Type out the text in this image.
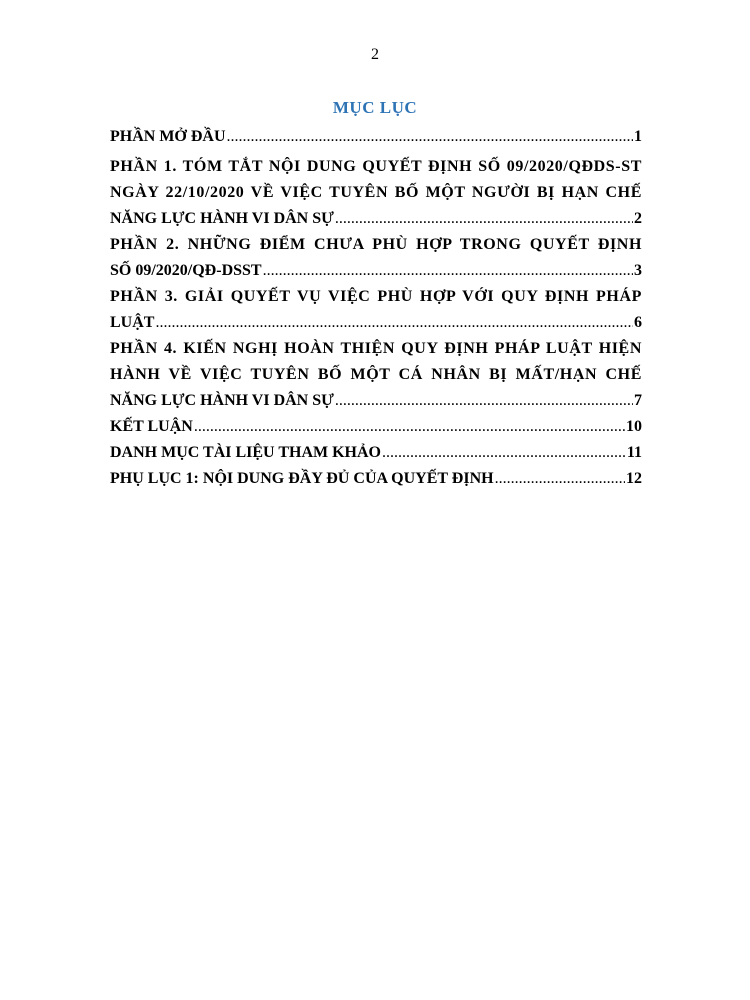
2
MỤC LỤC
PHẦN MỞ ĐẦU .....	1
PHẦN 1. TÓM TẮT NỘI DUNG QUYẾT ĐỊNH SỐ 09/2020/QĐDS-ST
NGÀY 22/10/2020 VỀ VIỆC TUYÊN BỐ MỘT NGƯỜI BỊ HẠN CHẾ
NĂNG LỰC HÀNH VI DÂN SỰ .....	2
PHẦN 2. NHỮNG ĐIỂM CHƯA PHÙ HỢP TRONG QUYẾT ĐỊNH
SỐ 09/2020/QĐ-DSST .....	3
PHẦN 3. GIẢI QUYẾT VỤ VIỆC PHÙ HỢP VỚI QUY ĐỊNH PHÁP
LUẬT .....	6
PHẦN 4. KIẾN NGHỊ HOÀN THIỆN QUY ĐỊNH PHÁP LUẬT HIỆN
HÀNH VỀ VIỆC TUYÊN BỐ MỘT CÁ NHÂN BỊ MẤT/HẠN CHẾ
NĂNG LỰC HÀNH VI DÂN SỰ .....	7
KẾT LUẬN .....	10
DANH MỤC TÀI LIỆU THAM KHẢO .....	11
PHỤ LỤC 1: NỘI DUNG ĐẦY ĐỦ CỦA QUYẾT ĐỊNH .....	12
